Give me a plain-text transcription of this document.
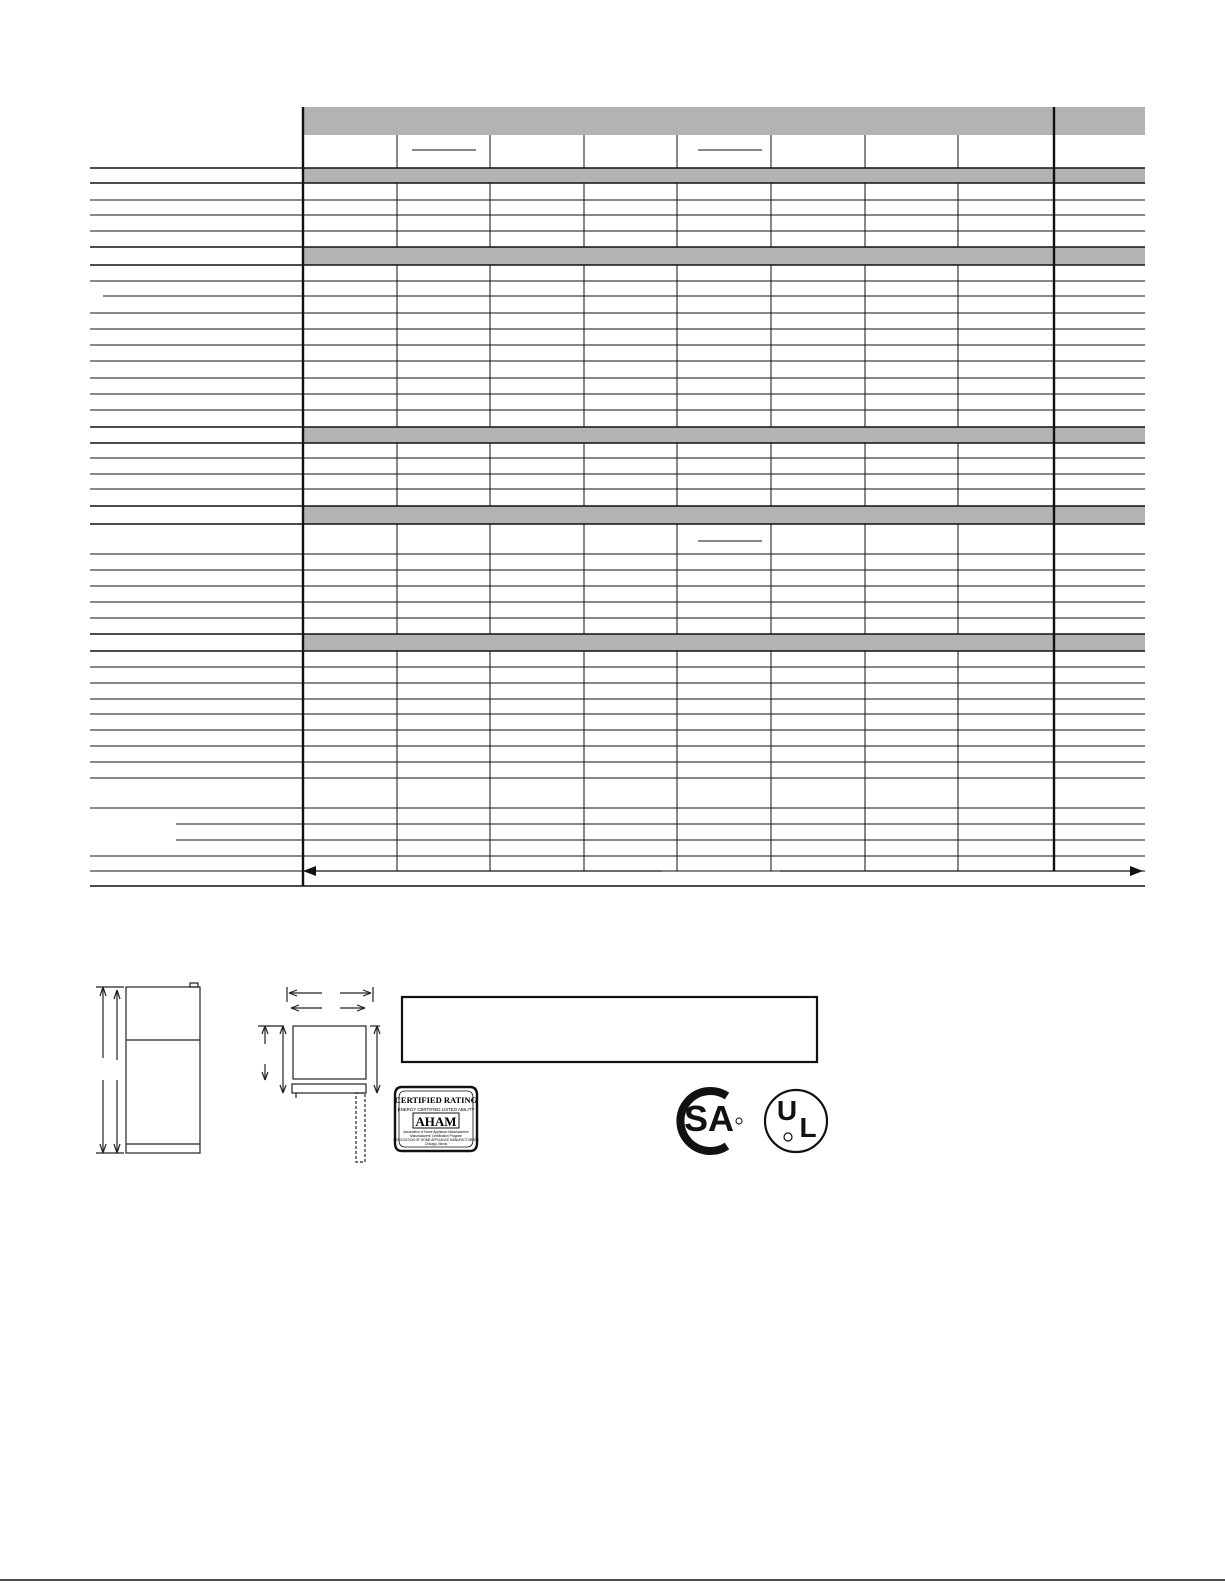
CERTIFIED RATING
ENERGY CERTIFIED LISTED ABILITY
AHAM
Association of Home Appliance Manufacturers
Manufacturers' Certification Program
ASSOCIATION OF HOME APPLIANCE MANUFACTURERS
Chicago, Illinois
SA U
L
